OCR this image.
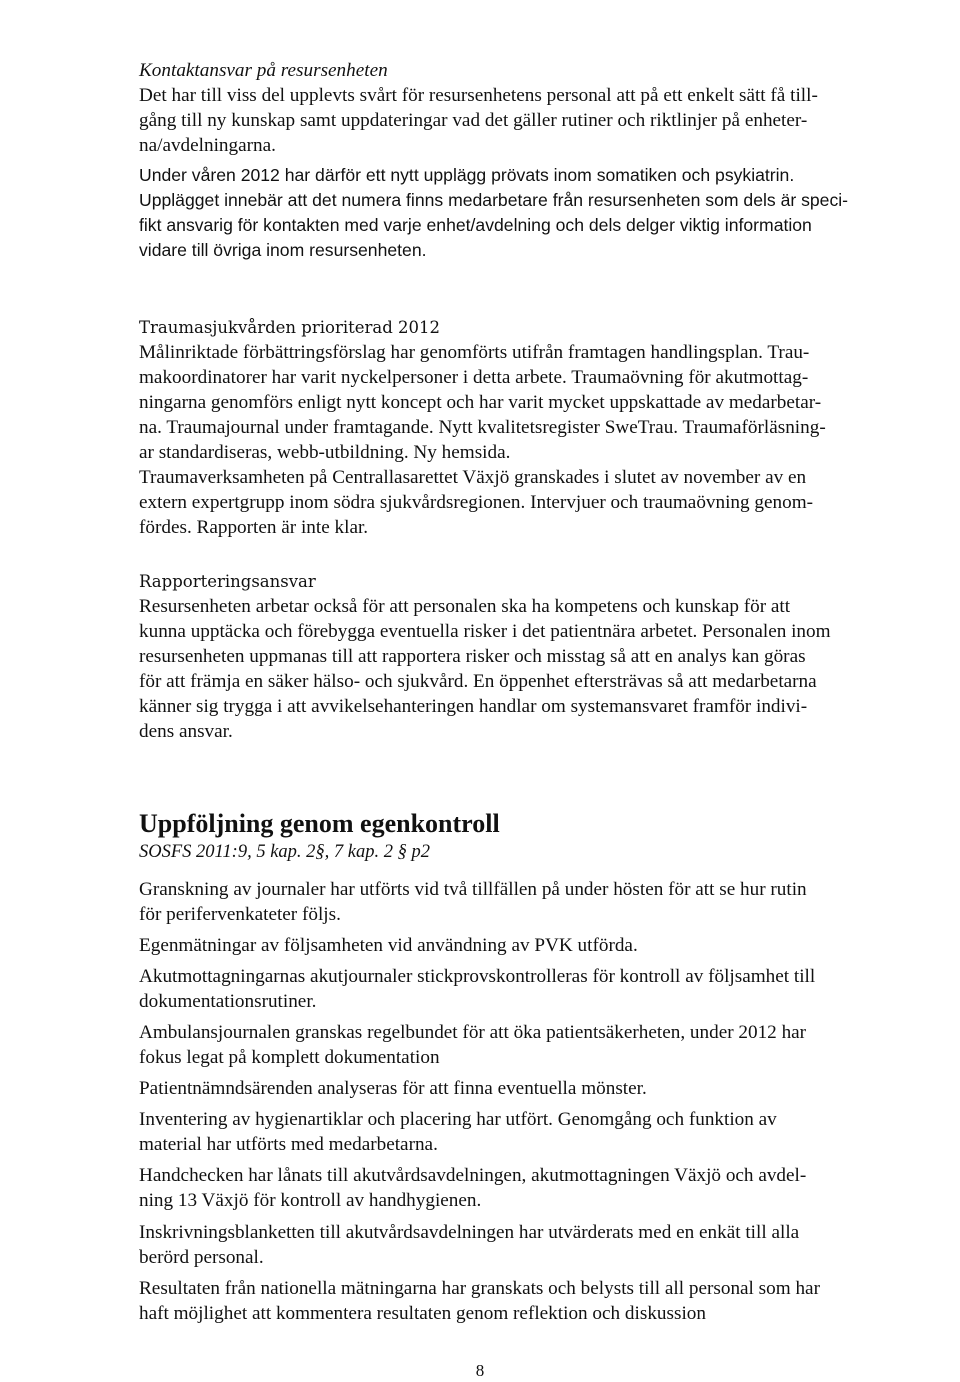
Kontaktansvar på resursenheten
Det har till viss del upplevts svårt för resursenhetens personal att på ett enkelt sätt få till-
gång till ny kunskap samt uppdateringar vad det gäller rutiner och riktlinjer på enheter-
na/avdelningarna.
Under våren 2012 har därför ett nytt upplägg prövats inom somatiken och psykiatrin.
Upplägget innebär att det numera finns medarbetare från resursenheten som dels är speci-
fikt ansvarig för kontakten med varje enhet/avdelning och dels delger viktig information
vidare till övriga inom resursenheten.
Traumasjukvården prioriterad 2012
Målinriktade förbättringsförslag har genomförts utifrån framtagen handlingsplan. Trau-
makoordinatorer har varit nyckelpersoner i detta arbete. Traumaövning för akutmottag-
ningarna genomförs enligt nytt koncept och har varit mycket uppskattade av medarbetar-
na. Traumajournal under framtagande. Nytt kvalitetsregister SweTrau. Traumaförläsning-
ar standardiseras, webb-utbildning. Ny hemsida.
Traumaverksamheten på Centrallasarettet Växjö granskades i slutet av november av en
extern expertgrupp inom södra sjukvårdsregionen. Intervjuer och traumaövning genom-
fördes. Rapporten är inte klar.
Rapporteringsansvar
Resursenheten arbetar också för att personalen ska ha kompetens och kunskap för att
kunna upptäcka och förebygga eventuella risker i det patientnära arbetet. Personalen inom
resursenheten uppmanas till att rapportera risker och misstag så att en analys kan göras
för att främja en säker hälso- och sjukvård. En öppenhet eftersträvas så att medarbetarna
känner sig trygga i att avvikelsehanteringen handlar om systemansvaret framför indivi-
dens ansvar.
Uppföljning genom egenkontroll
SOSFS 2011:9, 5 kap. 2§, 7 kap. 2 § p2
Granskning av journaler har utförts vid två tillfällen på under hösten för att se hur rutin
för perifervenkateter följs.
Egenmätningar av följsamheten vid användning av PVK utförda.
Akutmottagningarnas akutjournaler stickprovskontrolleras för kontroll av följsamhet till
dokumentationsrutiner.
Ambulansjournalen granskas regelbundet för att öka patientsäkerheten, under 2012 har
fokus legat på komplett dokumentation
Patientnämndsärenden analyseras för att finna eventuella mönster.
Inventering av hygienartiklar och placering har utfört. Genomgång och funktion av
material har utförts med medarbetarna.
Handchecken har lånats till akutvårdsavdelningen, akutmottagningen Växjö och avdel-
ning 13 Växjö för kontroll av handhygienen.
Inskrivningsblanketten till akutvårdsavdelningen har utvärderats med en enkät till alla
berörd personal.
Resultaten från nationella mätningarna har granskats och belysts till all personal som har
haft möjlighet att kommentera resultaten genom reflektion och diskussion
8
